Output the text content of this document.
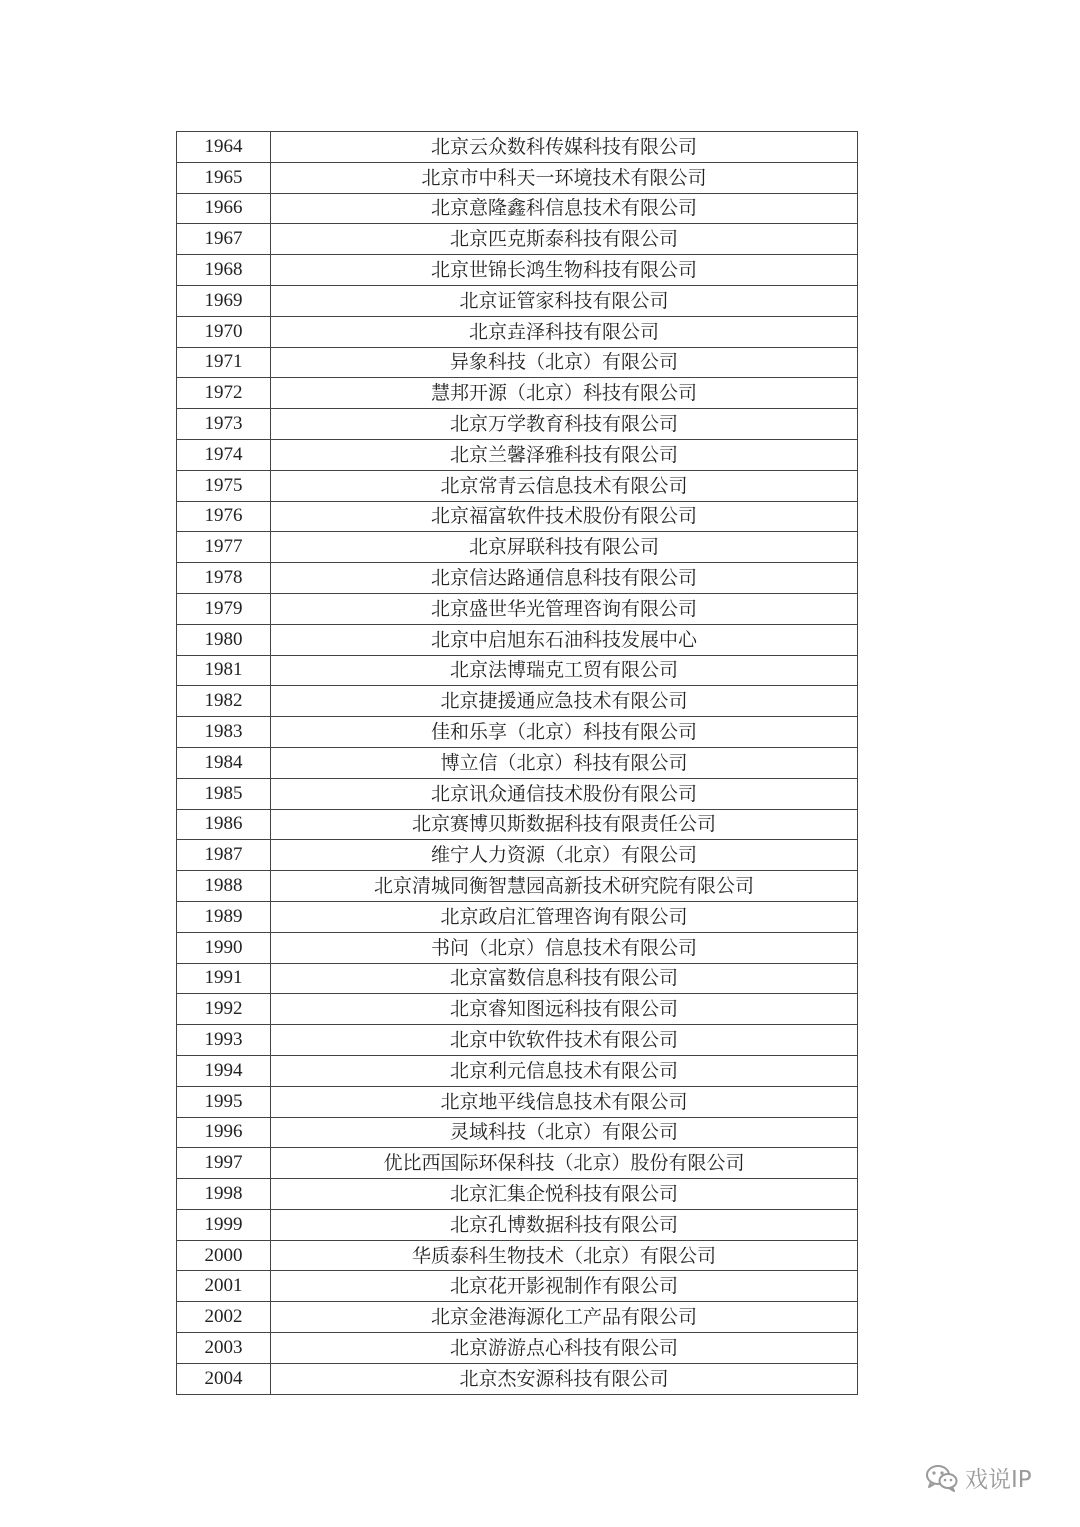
1964	北京云众数科传媒科技有限公司
1965	北京市中科天一环境技术有限公司
1966	北京意隆鑫科信息技术有限公司
1967	北京匹克斯泰科技有限公司
1968	北京世锦长鸿生物科技有限公司
1969	北京证管家科技有限公司
1970	北京垚泽科技有限公司
1971	异象科技（北京）有限公司
1972	慧邦开源（北京）科技有限公司
1973	北京万学教育科技有限公司
1974	北京兰馨泽雅科技有限公司
1975	北京常青云信息技术有限公司
1976	北京福富软件技术股份有限公司
1977	北京屏联科技有限公司
1978	北京信达路通信息科技有限公司
1979	北京盛世华光管理咨询有限公司
1980	北京中启旭东石油科技发展中心
1981	北京法博瑞克工贸有限公司
1982	北京捷援通应急技术有限公司
1983	佳和乐享（北京）科技有限公司
1984	博立信（北京）科技有限公司
1985	北京讯众通信技术股份有限公司
1986	北京赛博贝斯数据科技有限责任公司
1987	维宁人力资源（北京）有限公司
1988	北京清城同衡智慧园高新技术研究院有限公司
1989	北京政启汇管理咨询有限公司
1990	书问（北京）信息技术有限公司
1991	北京富数信息科技有限公司
1992	北京睿知图远科技有限公司
1993	北京中钦软件技术有限公司
1994	北京利元信息技术有限公司
1995	北京地平线信息技术有限公司
1996	灵域科技（北京）有限公司
1997	优比西国际环保科技（北京）股份有限公司
1998	北京汇集企悦科技有限公司
1999	北京孔博数据科技有限公司
2000	华质泰科生物技术（北京）有限公司
2001	北京花开影视制作有限公司
2002	北京金港海源化工产品有限公司
2003	北京游游点心科技有限公司
2004	北京杰安源科技有限公司
戏说IP
